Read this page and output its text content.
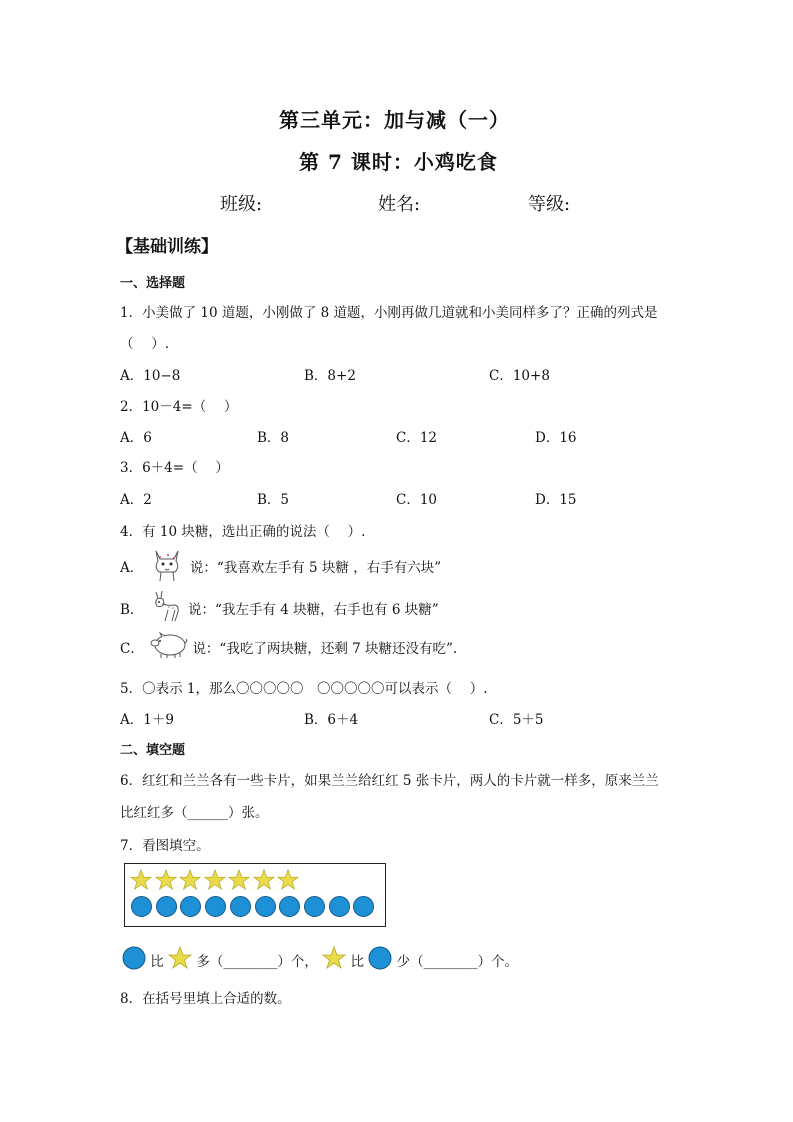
第三单元：加与减（一）
第 7 课时：小鸡吃食
班级:	姓名:	等级:
【基础训练】
一、选择题
1．小美做了 10 道题，小刚做了 8 道题，小刚再做几道就和小美同样多了？正确的列式是
（　 ）.
A．10−8	B．8+2	C．10+8
2．10－4=（　 ）
A．6	B．8	C．12	D．16
3．6＋4=（　 ）
A．2	B．5	C．10	D．15
4．有 10 块糖，选出正确的说法（　 ）.
A．	说：“我喜欢左手有 5 块糖 ，右手有六块”
B．	说：“我左手有 4 块糖，右手也有 6 块糖”
C．	说：“我吃了两块糖，还剩 7 块糖还没有吃”.
5．〇表示 1，那么〇〇〇〇〇　〇〇〇〇〇可以表示（　 ）.
A．1＋9	B．6＋4	C．5＋5
二、填空题
6．红红和兰兰各有一些卡片，如果兰兰给红红 5 张卡片，两人的卡片就一样多，原来兰兰
比红红多（______）张。
7．看图填空。
比 多（________）个， 比 少（________）个。
8．在括号里填上合适的数。
